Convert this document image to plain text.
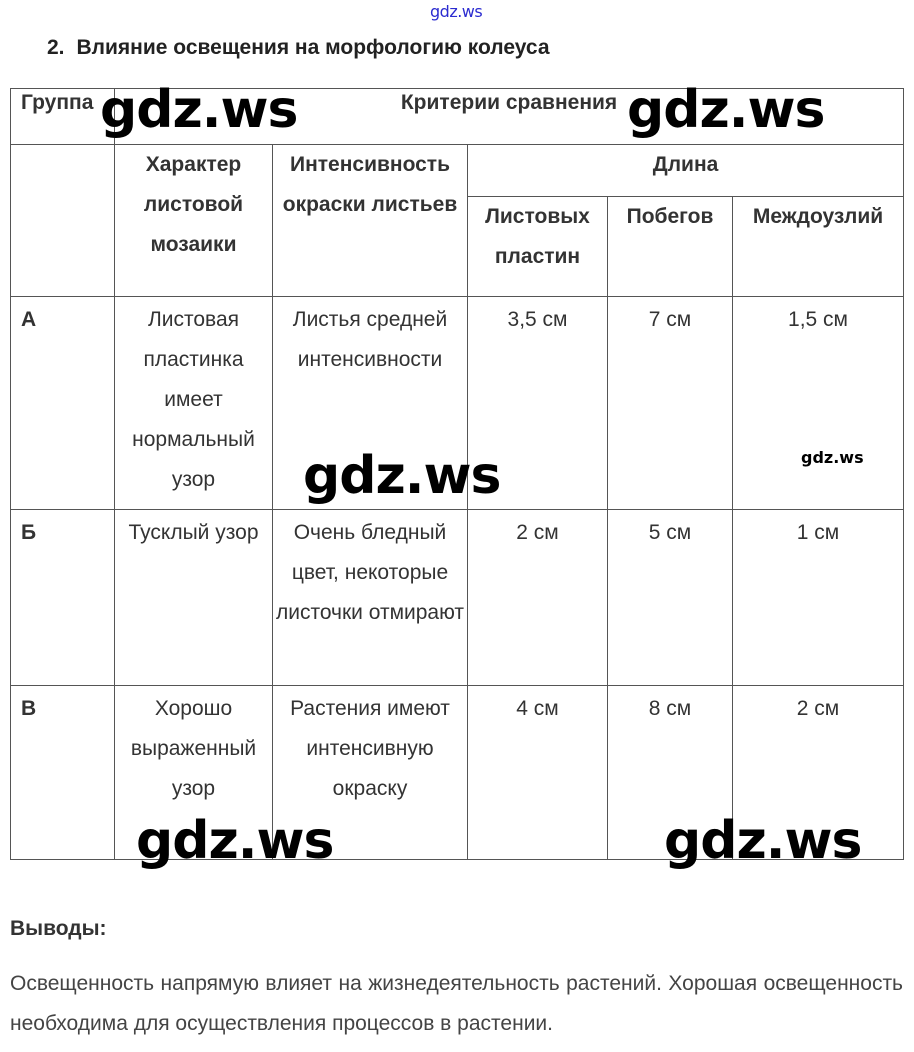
gdz.ws
2. Влияние освещения на морфологию колеуса
Группа	Критерии сравнения				
	Характер листовой мозаики	Интенсивность окраски листьев	Длина		
			Листовых пластин	Побегов	Междоузлий

А	Листовая пластинка имеет нормальный узор	Листья средней интенсивности	3,5 см	7 см	1,5 см
Б	Тусклый узор	Очень бледный цвет, некоторые листочки отмирают	2 см	5 см	1 см
В	Хорошо выраженный узор	Растения имеют интенсивную окраску	4 см	8 см	2 см
gdz.ws	gdz.ws
gdz.ws	gdz.ws
gdz.ws	gdz.ws
Выводы:
Освещенность напрямую влияет на жизнедеятельность растений. Хорошая освещенность необходима для осуществления процессов в растении.
